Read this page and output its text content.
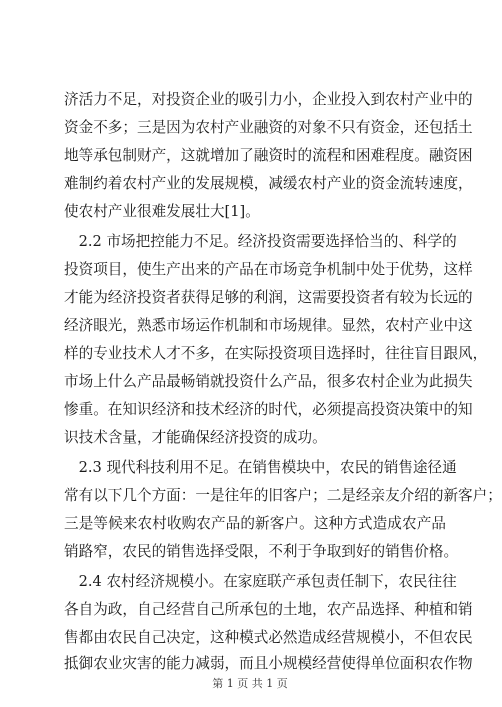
济活力不足，对投资企业的吸引力小，企业投入到农村产业中的
资金不多；三是因为农村产业融资的对象不只有资金，还包括土
地等承包制财产，这就增加了融资时的流程和困难程度。融资困
难制约着农村产业的发展规模，减缓农村产业的资金流转速度，
使农村产业很难发展壮大[1]。
　2.2 市场把控能力不足。经济投资需要选择恰当的、科学的
投资项目，使生产出来的产品在市场竞争机制中处于优势，这样
才能为经济投资者获得足够的利润，这需要投资者有较为长远的
经济眼光，熟悉市场运作机制和市场规律。显然，农村产业中这
样的专业技术人才不多，在实际投资项目选择时，往往盲目跟风，
市场上什么产品最畅销就投资什么产品，很多农村企业为此损失
惨重。在知识经济和技术经济的时代，必须提高投资决策中的知
识技术含量，才能确保经济投资的成功。
　2.3 现代科技利用不足。在销售模块中，农民的销售途径通
常有以下几个方面：一是往年的旧客户；二是经亲友介绍的新客户；
三是等候来农村收购农产品的新客户。这种方式造成农产品
销路窄，农民的销售选择受限，不利于争取到好的销售价格。
　2.4 农村经济规模小。在家庭联产承包责任制下，农民往往
各自为政，自己经营自己所承包的土地，农产品选择、种植和销
售都由农民自己决定，这种模式必然造成经营规模小，不但农民
抵御农业灾害的能力减弱，而且小规模经营使得单位面积农作物
第 1 页 共 1 页
